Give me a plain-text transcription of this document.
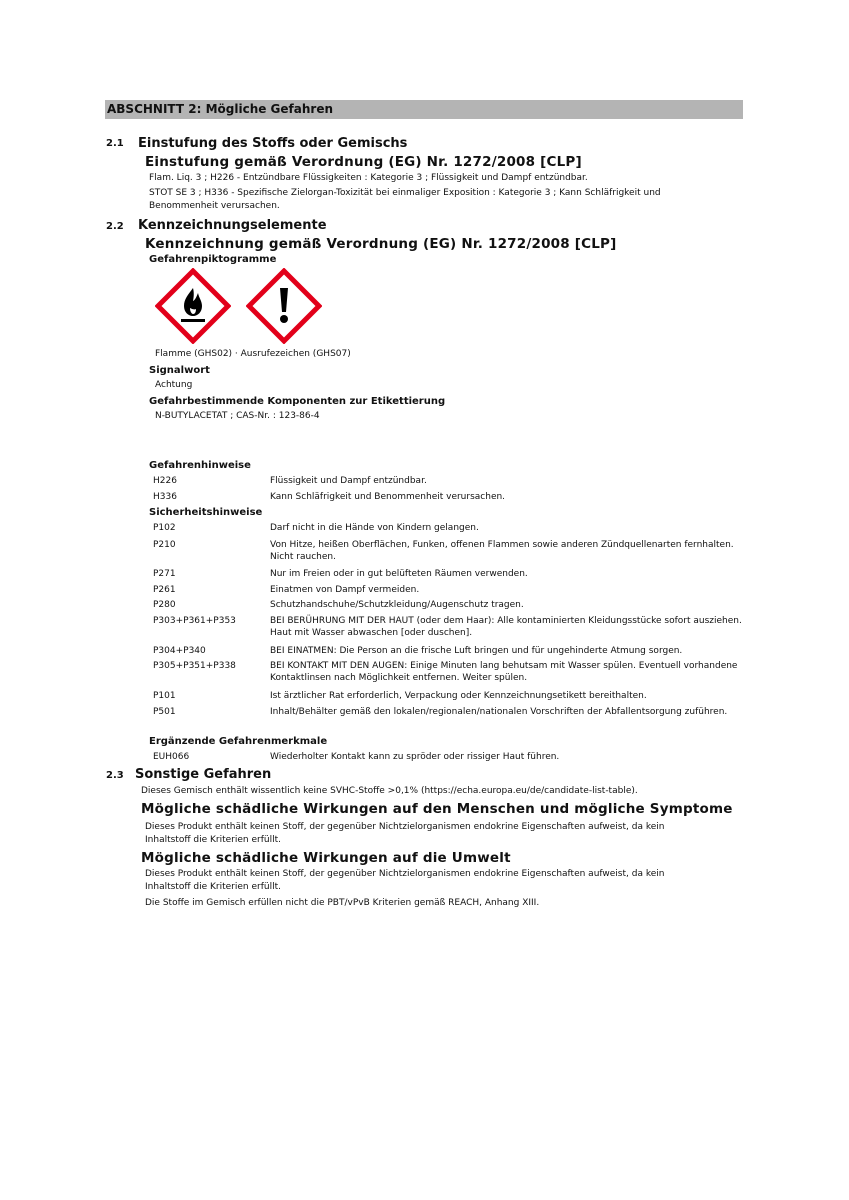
ABSCHNITT 2: Mögliche Gefahren
2.1 Einstufung des Stoffs oder Gemischs
Einstufung gemäß Verordnung (EG) Nr. 1272/2008 [CLP]
Flam. Liq. 3 ; H226 - Entzündbare Flüssigkeiten : Kategorie 3 ; Flüssigkeit und Dampf entzündbar.
STOT SE 3 ; H336 - Spezifische Zielorgan-Toxizität bei einmaliger Exposition : Kategorie 3 ; Kann Schläfrigkeit und
Benommenheit verursachen.
2.2 Kennzeichnungselemente
Kennzeichnung gemäß Verordnung (EG) Nr. 1272/2008 [CLP]
Gefahrenpiktogramme
Flamme (GHS02) · Ausrufezeichen (GHS07)
Signalwort
Achtung
Gefahrbestimmende Komponenten zur Etikettierung
N-BUTYLACETAT ; CAS-Nr. : 123-86-4
Gefahrenhinweise
H226	Flüssigkeit und Dampf entzündbar.
H336	Kann Schläfrigkeit und Benommenheit verursachen.
Sicherheitshinweise
P102	Darf nicht in die Hände von Kindern gelangen.
P210	Von Hitze, heißen Oberflächen, Funken, offenen Flammen sowie anderen Zündquellenarten fernhalten. Nicht rauchen.
P271	Nur im Freien oder in gut belüfteten Räumen verwenden.
P261	Einatmen von Dampf vermeiden.
P280	Schutzhandschuhe/Schutzkleidung/Augenschutz tragen.
P303+P361+P353	BEI BERÜHRUNG MIT DER HAUT (oder dem Haar): Alle kontaminierten Kleidungsstücke sofort ausziehen. Haut mit Wasser abwaschen [oder duschen].
P304+P340	BEI EINATMEN: Die Person an die frische Luft bringen und für ungehinderte Atmung sorgen.
P305+P351+P338	BEI KONTAKT MIT DEN AUGEN: Einige Minuten lang behutsam mit Wasser spülen. Eventuell vorhandene Kontaktlinsen nach Möglichkeit entfernen. Weiter spülen.
P101	Ist ärztlicher Rat erforderlich, Verpackung oder Kennzeichnungsetikett bereithalten.
P501	Inhalt/Behälter gemäß den lokalen/regionalen/nationalen Vorschriften der Abfallentsorgung zuführen.
Ergänzende Gefahrenmerkmale
EUH066	Wiederholter Kontakt kann zu spröder oder rissiger Haut führen.
2.3 Sonstige Gefahren
Dieses Gemisch enthält wissentlich keine SVHC-Stoffe >0,1% (https://echa.europa.eu/de/candidate-list-table).
Mögliche schädliche Wirkungen auf den Menschen und mögliche Symptome
Dieses Produkt enthält keinen Stoff, der gegenüber Nichtzielorganismen endokrine Eigenschaften aufweist, da kein
Inhaltstoff die Kriterien erfüllt.
Mögliche schädliche Wirkungen auf die Umwelt
Dieses Produkt enthält keinen Stoff, der gegenüber Nichtzielorganismen endokrine Eigenschaften aufweist, da kein
Inhaltstoff die Kriterien erfüllt.
Die Stoffe im Gemisch erfüllen nicht die PBT/vPvB Kriterien gemäß REACH, Anhang XIII.
